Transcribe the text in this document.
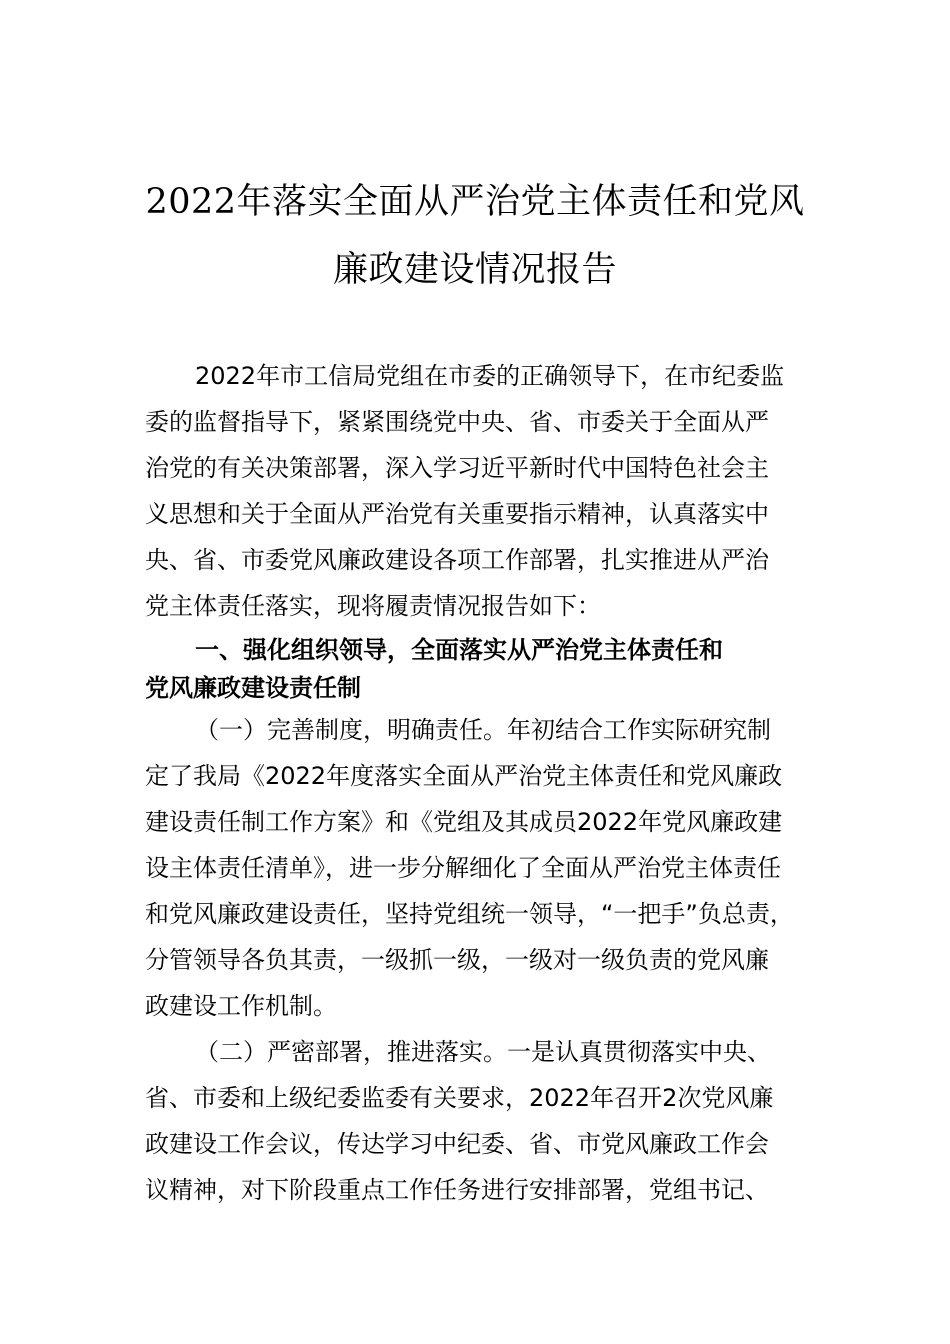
2022年落实全面从严治党主体责任和党风
廉政建设情况报告

2022年市工信局党组在市委的正确领导下，在市纪委监

委的监督指导下，紧紧围绕党中央、省、市委关于全面从严

治党的有关决策部署，深入学习近平新时代中国特色社会主

义思想和关于全面从严治党有关重要指示精神，认真落实中

央、省、市委党风廉政建设各项工作部署，扎实推进从严治

党主体责任落实，现将履责情况报告如下：

一、强化组织领导，全面落实从严治党主体责任和

党风廉政建设责任制

（一）完善制度，明确责任。年初结合工作实际研究制

定了我局《2022年度落实全面从严治党主体责任和党风廉政

建设责任制工作方案》和《党组及其成员2022年党风廉政建

设主体责任清单》，进一步分解细化了全面从严治党主体责任

和党风廉政建设责任，坚持党组统一领导，“一把手”负总责，

分管领导各负其责，一级抓一级，一级对一级负责的党风廉

政建设工作机制。

（二）严密部署，推进落实。一是认真贯彻落实中央、

省、市委和上级纪委监委有关要求，2022年召开2次党风廉

政建设工作会议，传达学习中纪委、省、市党风廉政工作会

议精神，对下阶段重点工作任务进行安排部署，党组书记、
